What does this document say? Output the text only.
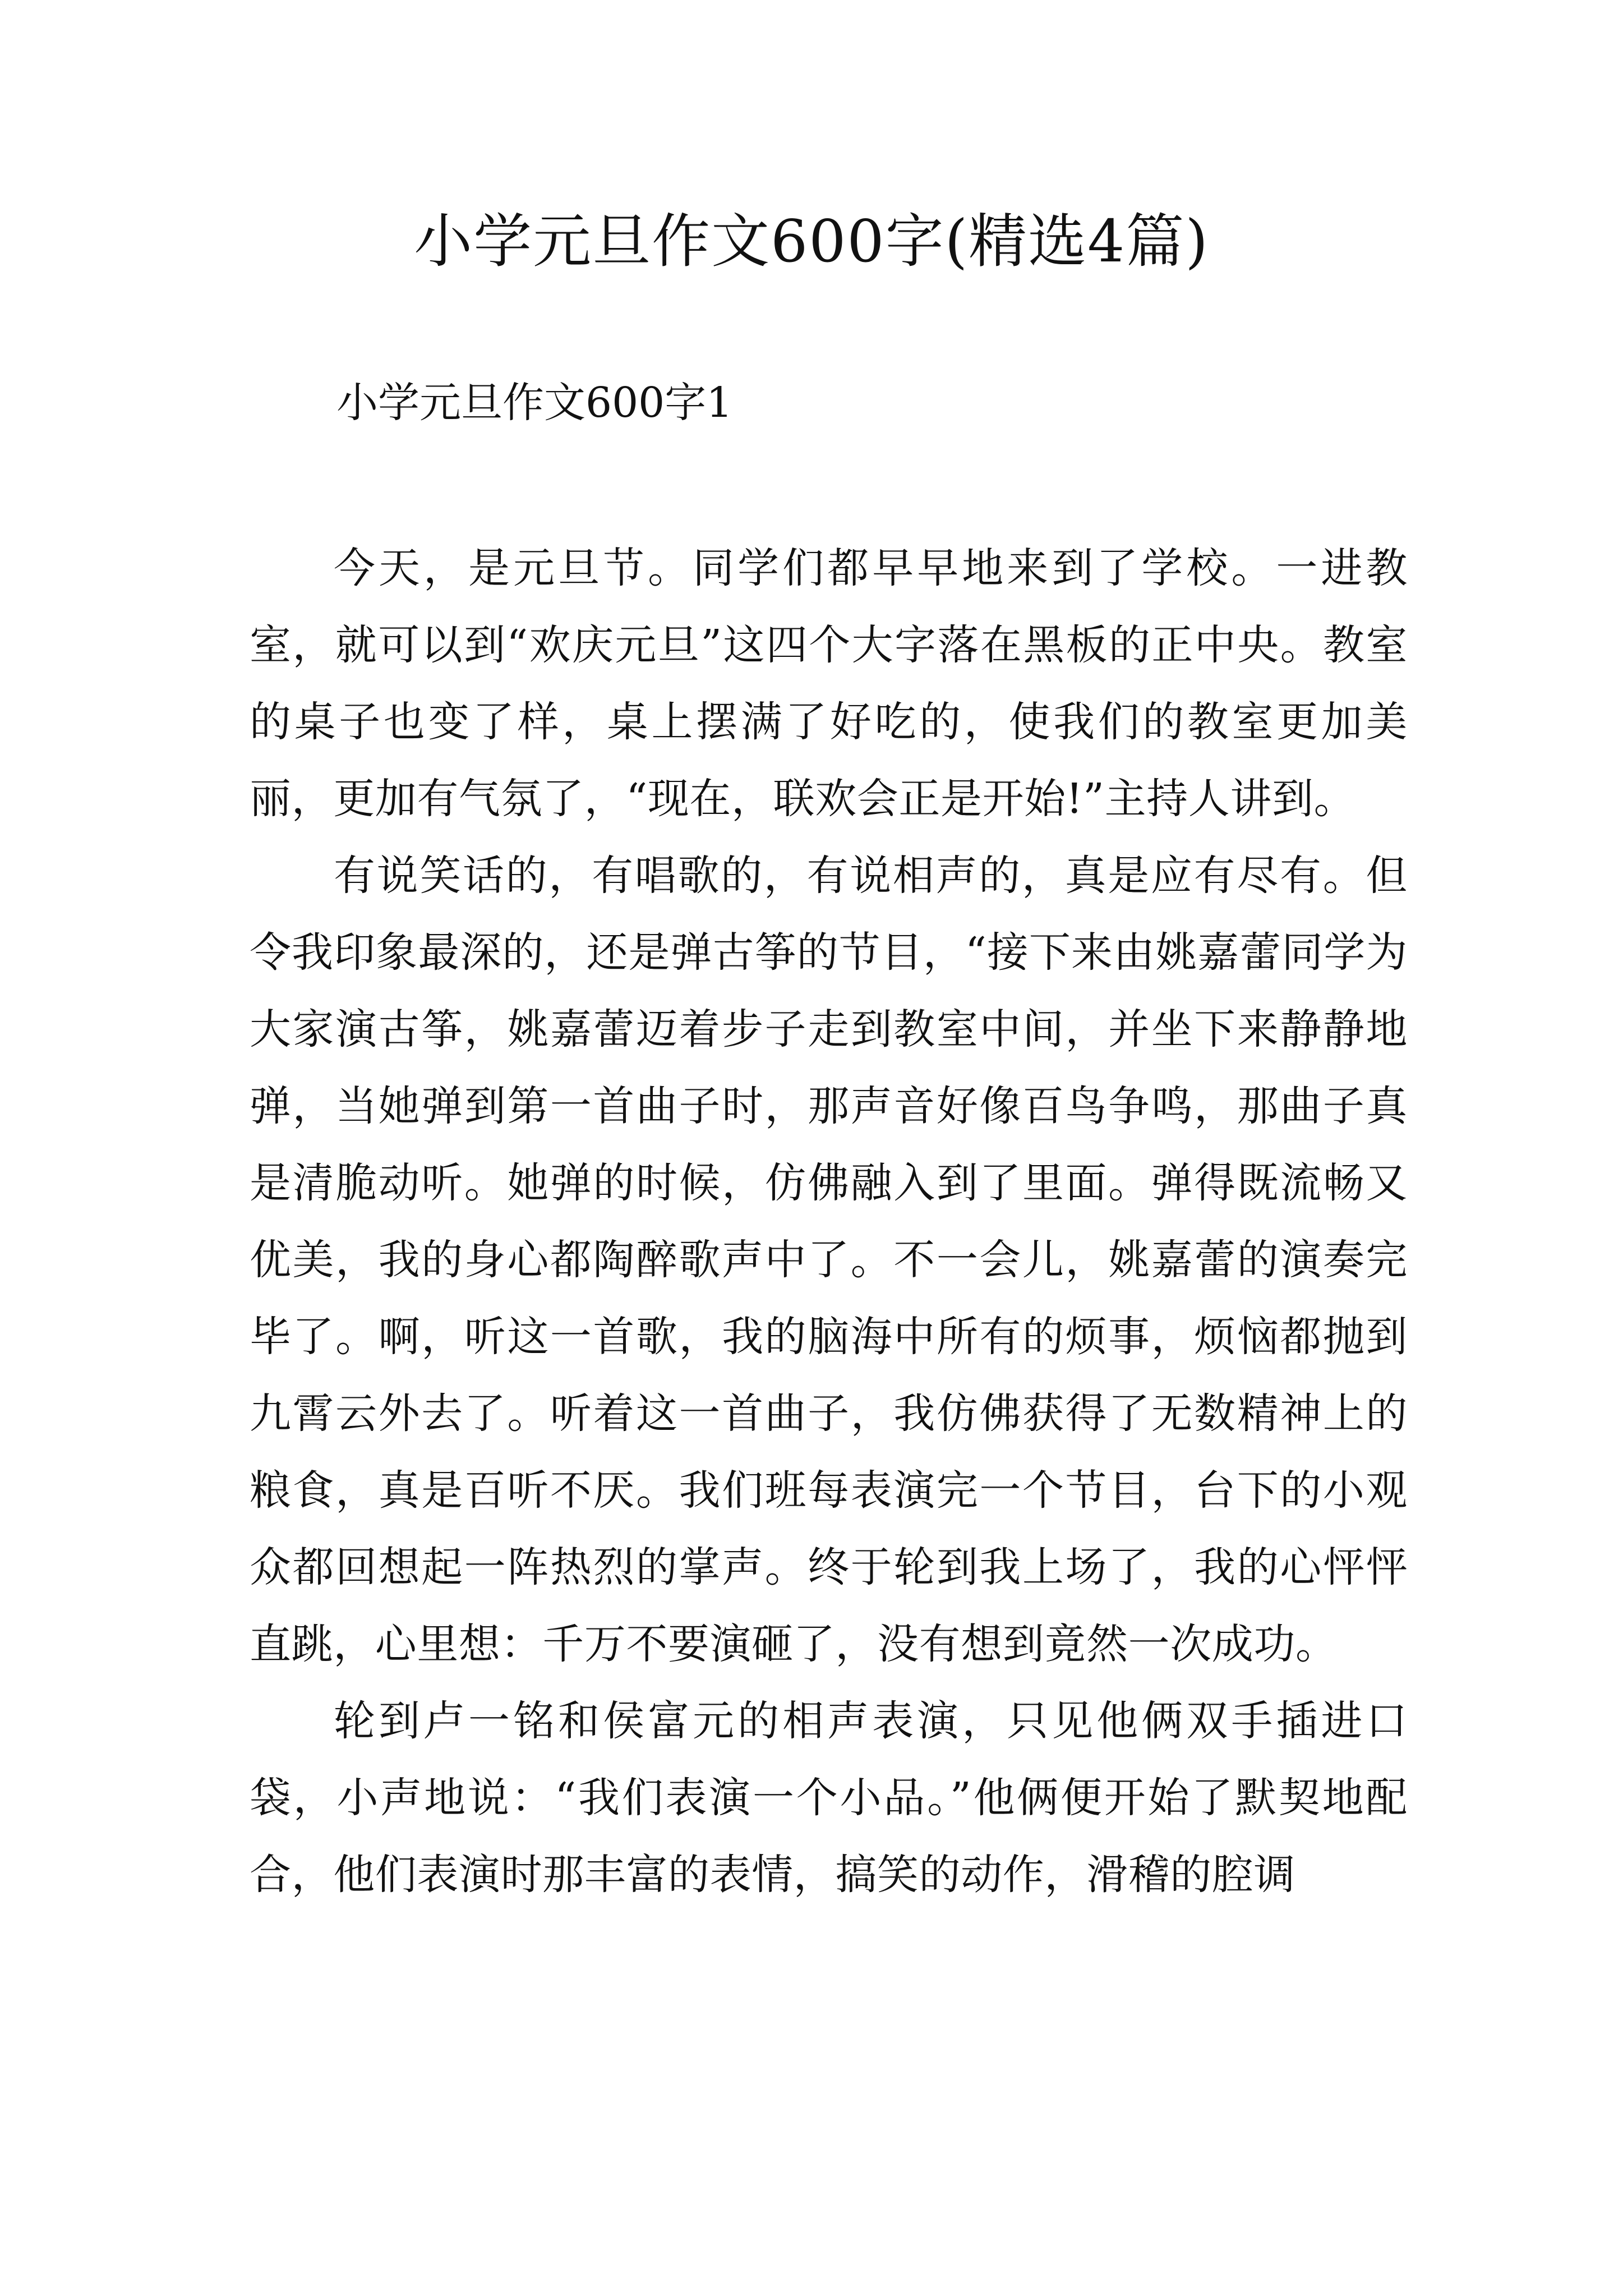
小学元旦作文600字(精选4篇)
小学元旦作文600字1

今天，是元旦节。同学们都早早地来到了学校。一进教室，就可以到“欢庆元旦”这四个大字落在黑板的正中央。教室的桌子也变了样，桌上摆满了好吃的，使我们的教室更加美丽，更加有气氛了，“现在，联欢会正是开始!”主持人讲到。

有说笑话的，有唱歌的，有说相声的，真是应有尽有。但令我印象最深的，还是弹古筝的节目，“接下来由姚嘉蕾同学为大家演古筝，姚嘉蕾迈着步子走到教室中间，并坐下来静静地弹，当她弹到第一首曲子时，那声音好像百鸟争鸣，那曲子真是清脆动听。她弹的时候，仿佛融入到了里面。弹得既流畅又优美，我的身心都陶醉歌声中了。不一会儿，姚嘉蕾的演奏完毕了。啊，听这一首歌，我的脑海中所有的烦事，烦恼都抛到九霄云外去了。听着这一首曲子，我仿佛获得了无数精神上的粮食，真是百听不厌。我们班每表演完一个节目，台下的小观众都回想起一阵热烈的掌声。终于轮到我上场了，我的心怦怦直跳，心里想：千万不要演砸了，没有想到竟然一次成功。

轮到卢一铭和侯富元的相声表演，只见他俩双手插进口袋，小声地说：“我们表演一个小品。”他俩便开始了默契地配合，他们表演时那丰富的表情，搞笑的动作，滑稽的腔调
